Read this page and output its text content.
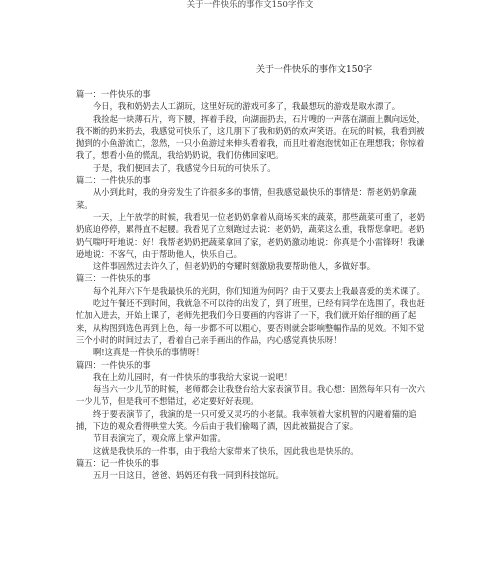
关于一件快乐的事作文150字作文
关于一件快乐的事作文150字

篇一：一件快乐的事

今日，我和奶奶去人工湖玩，这里好玩的游戏可多了，我最想玩的游戏是取水漂了。

我捡起一块薄石片，弯下腰，挥着手段，向湖面扔去，石片嗖的一声落在湖面上飘向远处，我不断的扔来扔去，我感觉可快乐了，这几朋下了我和奶奶的欢声笑语。在玩的时候，我看到被抛到的小鱼游流亡，忽然，一只小鱼游过来伸头看着我，而且吐着泡泡忧如正在理想我；你惊着我了，想看小鱼的慌乱，我给奶奶说，我们仿佛回家吧。

于是，我们便回去了，我感觉今日玩的可快乐了。

篇二：一件快乐的事

从小到此时，我的身旁发生了许很多多的事情，但我感觉最快乐的事情是：帮老奶奶拿蔬菜。

一天，上午放学的时候，我看见一位老奶奶拿着从商场买来的蔬菜，那些蔬菜可重了，老奶奶底迫停停，累得直不起腰。我看见了立刻跑过去说：老奶奶，蔬菜这么重，我帮您拿吧。老奶奶气喘吁吁地说：好！我帮老奶奶把蔬菜拿回了家，老奶奶激动地说：你真是个小雷锋呀！我谦逊地说：不客气，由于帮助他人，快乐自己。

这件事固然过去许久了，但老奶奶的夸耀时刻激励我要帮助他人，多做好事。

篇三：一件快乐的事

每个礼拜六下午是我最快乐的光阴，你们知道为何吗？由于又要去上我最喜爱的美术课了。

吃过午餐还不到时间，我就急不可以待的出发了，到了班里，已经有同学在选围了，我也赶忙加入进去，开始上课了，老师先把我们今日要画的内容讲了一下，我们就开始仔细的画了起来，从构图到选色再到上色，每一步都不可以粗心，要否则就会影响整幅作品的见效。不知不觉三个小时的时间过去了，看着自己亲手画出的作品，内心感觉真快乐呀！

啊!这真是一件快乐的事情呀！

篇四：一件快乐的事

我在上幼儿园时，有一件快乐的事我给大家说一说吧！

每当六一少儿节的时候，老师都会让我登台给大家表演节目。我心想：固然每年只有一次六一少儿节，但是我可不想错过，必定要好好表现。

终于要表演节了，我演的是一只可爱又灵巧的小老鼠。我率领着大家机智的闪避着猫的追捕，下边的观众看得哄堂大笑。今后由于我们偷喝了酒，因此被猫捉合了家。

节目表演完了，观众席上掌声如雷。

这就是我快乐的一件事，由于我给大家带来了快乐，因此我也是快乐的。

篇五：记一件快乐的事

五月一日这日，爸爸、妈妈还有我一同到科技馆玩。
